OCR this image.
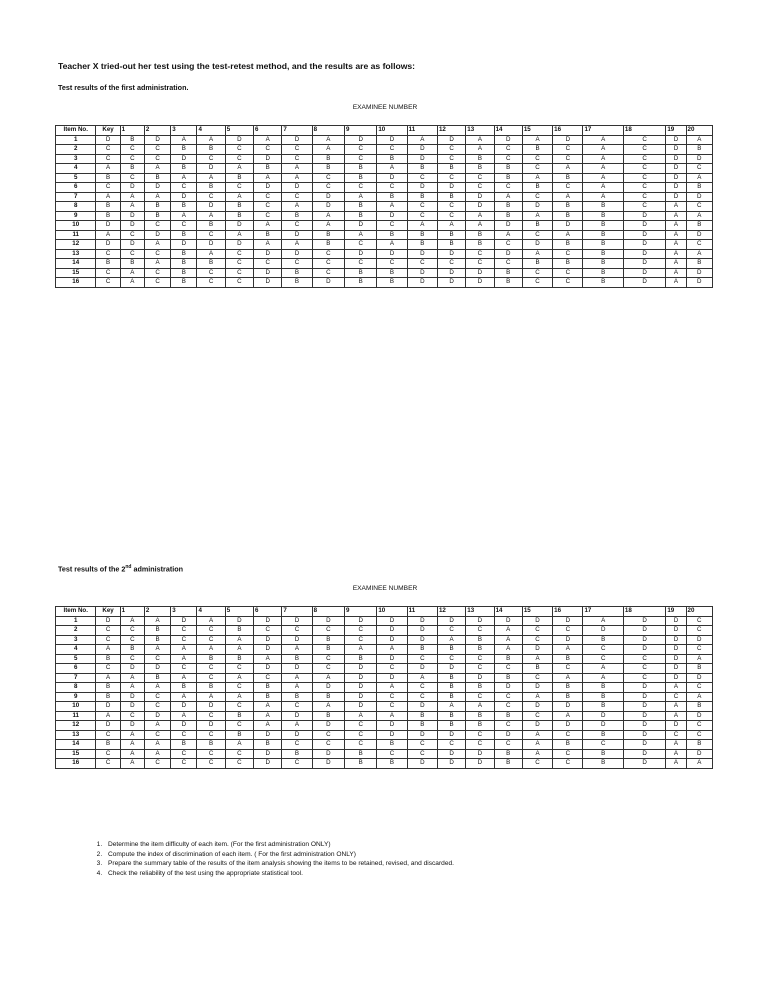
Teacher X tried-out her test using the test-retest method, and the results are as follows:
Test results of the first administration.
EXAMINEE NUMBER
Item No.	Key	1	2	3	4	5	6	7	8	9	10	11	12	13	14	15	16	17	18	19	20
1	D	B	D	A	A	D	A	D	A	D	D	A	D	A	D	A	D	A	C	D	A
2	C	C	C	B	B	C	C	C	A	C	C	D	C	A	C	B	C	A	C	D	B
3	C	C	C	D	C	C	D	C	B	C	B	D	C	B	C	C	C	A	C	D	D
4	A	B	A	B	D	A	B	A	B	B	A	B	B	B	B	C	A	A	C	D	C
5	B	C	B	A	A	B	A	A	C	B	D	C	C	C	B	A	B	A	C	D	A
6	C	D	D	C	B	C	D	D	C	C	C	D	D	C	C	B	C	A	C	D	B
7	A	A	A	D	C	A	C	C	D	A	B	B	B	D	A	C	A	A	C	D	D
8	B	A	B	B	D	B	C	A	D	B	A	C	C	D	B	D	B	B	C	A	C
9	B	D	B	A	A	B	C	B	A	B	D	C	C	A	B	A	B	B	D	A	A
10	D	D	C	C	B	D	A	C	A	D	C	A	A	A	D	B	D	B	D	A	B
11	A	C	D	B	C	A	B	D	B	A	B	B	B	B	A	C	A	B	D	A	D
12	D	D	A	D	D	D	A	A	B	C	A	B	B	B	C	D	B	B	D	A	C
13	C	C	C	B	A	C	D	D	C	D	D	D	D	C	D	A	C	B	D	A	A
14	B	B	A	B	B	C	C	C	C	C	C	C	C	C	C	B	B	B	D	A	B
15	C	A	C	B	C	C	D	B	C	B	B	D	D	D	B	C	C	B	D	A	D
16	C	A	C	B	C	C	D	B	D	B	B	D	D	D	B	C	C	B	D	A	D
Test results of the 2nd administration
EXAMINEE NUMBER
Item No.	Key	1	2	3	4	5	6	7	8	9	10	11	12	13	14	15	16	17	18	19	20
1	D	A	A	D	A	D	D	D	D	D	D	D	D	D	D	D	D	A	D	D	C
2	C	C	B	C	C	B	C	C	C	C	D	D	C	C	A	C	C	D	D	D	C
3	C	C	B	C	C	A	D	D	B	C	D	D	A	B	A	C	D	B	D	D	D
4	A	B	A	A	A	A	D	A	B	A	A	B	B	B	A	D	A	C	D	D	C
5	B	C	C	A	B	B	A	B	C	B	D	C	C	C	B	A	B	C	C	D	A
6	C	D	D	C	C	C	D	D	C	D	C	D	D	C	C	B	C	A	C	D	B
7	A	A	B	A	C	A	C	A	A	D	D	A	B	D	B	C	A	A	C	D	D
8	B	A	A	B	B	C	B	A	D	D	A	C	B	B	D	D	B	B	D	A	C
9	B	D	C	A	A	A	B	B	B	D	C	C	B	C	C	A	B	B	D	C	A
10	D	D	C	D	D	C	A	C	A	D	C	D	A	A	C	D	D	B	D	A	B
11	A	C	D	A	C	B	A	D	B	A	A	B	B	B	B	C	A	D	D	A	D
12	D	D	A	D	D	C	A	A	D	C	D	B	B	B	C	D	D	D	D	D	C
13	C	A	C	C	C	B	D	D	C	C	D	D	D	C	D	A	C	B	D	C	C
14	B	A	A	B	B	A	B	C	C	C	B	C	C	C	C	A	B	C	D	A	B
15	C	A	A	C	C	C	D	B	D	B	C	C	D	D	B	A	C	B	D	A	D
16	C	A	C	C	C	C	D	C	D	B	B	D	D	D	B	C	C	B	D	A	A
1. Determine the item difficulty of each item. (For the first administration ONLY)
2. Compute the index of discrimination of each item. ( For the first administration ONLY)
3. Prepare the summary table of the results of the item analysis showing the items to be retained, revised, and discarded.
4. Check the reliability of the test using the appropriate statistical tool.
